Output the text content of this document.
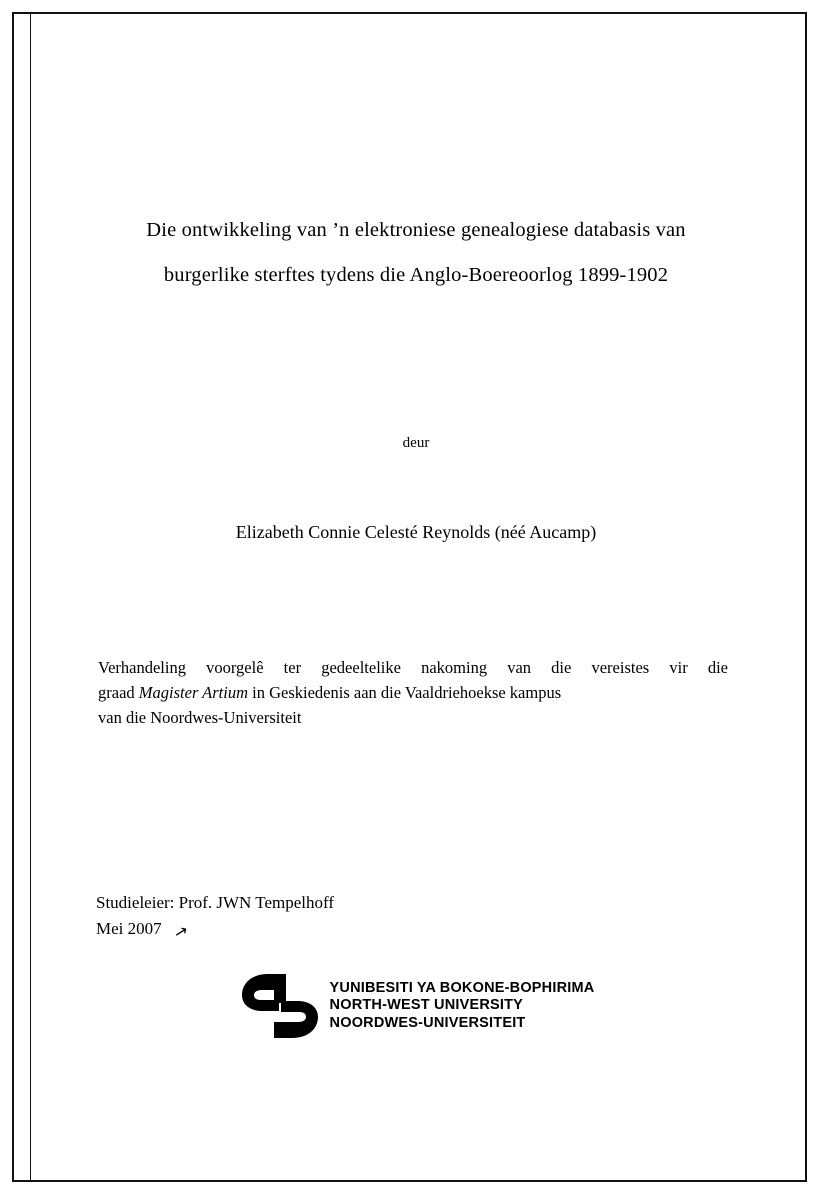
Die ontwikkeling van ’n elektroniese genealogiese databasis van
burgerlike sterftes tydens die Anglo-Boereoorlog 1899-1902
deur
Elizabeth Connie Celesté Reynolds (néé Aucamp)
Verhandeling voorgelê ter gedeeltelike nakoming van die vereistes vir die
graad Magister Artium in Geskiedenis aan die Vaaldriehoekse kampus
van die Noordwes-Universiteit
Studieleier: Prof. JWN Tempelhoff
Mei 2007 ↗
YUNIBESITI YA BOKONE-BOPHIRIMA
NORTH-WEST UNIVERSITY
NOORDWES-UNIVERSITEIT
